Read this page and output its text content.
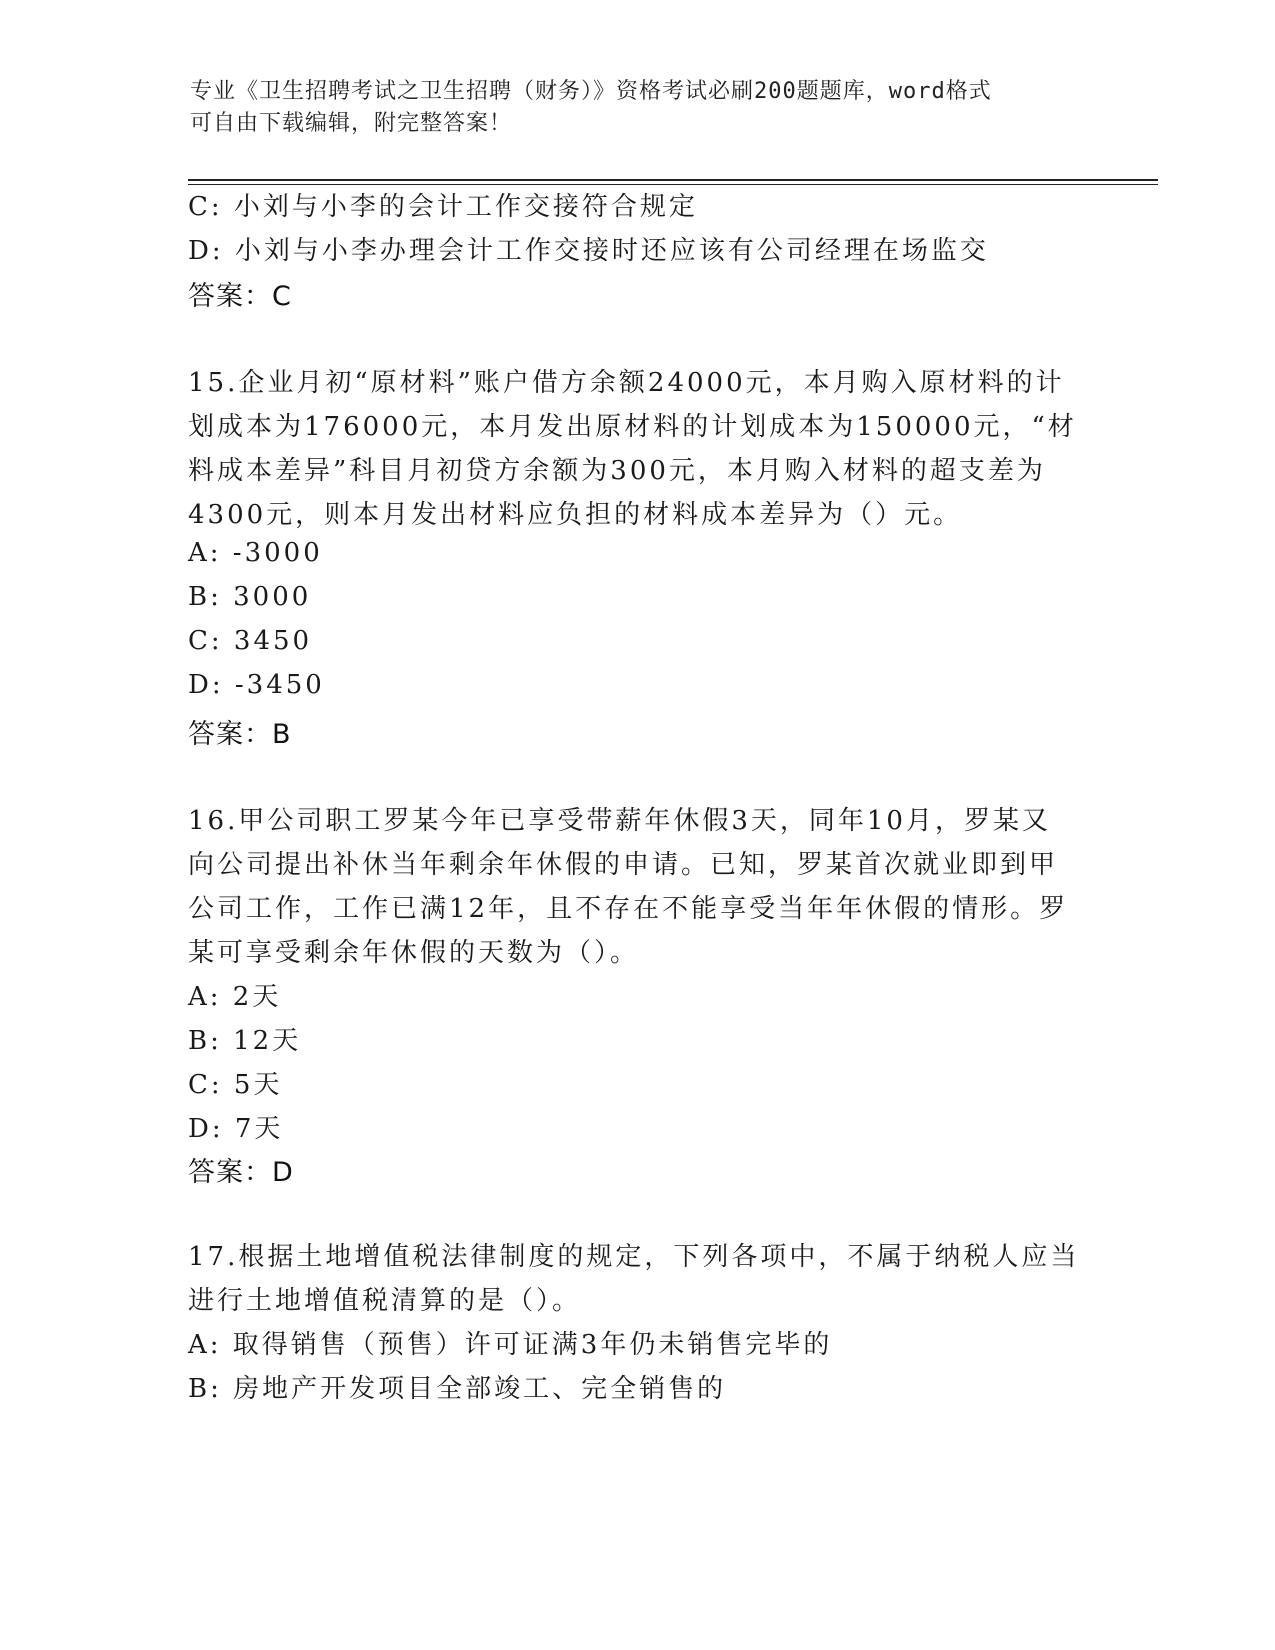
专业《卫生招聘考试之卫生招聘（财务）》资格考试必刷200题题库，word格式
可自由下载编辑，附完整答案！
C: 小刘与小李的会计工作交接符合规定
D: 小刘与小李办理会计工作交接时还应该有公司经理在场监交
答案：C
15.企业月初“原材料”账户借方余额24000元，本月购入原材料的计
划成本为176000元，本月发出原材料的计划成本为150000元，“材
料成本差异”科目月初贷方余额为300元，本月购入材料的超支差为
4300元，则本月发出材料应负担的材料成本差异为（）元。
A: -3000
B: 3000
C: 3450
D: -3450
答案：B
16.甲公司职工罗某今年已享受带薪年休假3天，同年10月，罗某又
向公司提出补休当年剩余年休假的申请。已知，罗某首次就业即到甲
公司工作，工作已满12年，且不存在不能享受当年年休假的情形。罗
某可享受剩余年休假的天数为（）。
A: 2天
B: 12天
C: 5天
D: 7天
答案：D
17.根据土地增值税法律制度的规定，下列各项中，不属于纳税人应当
进行土地增值税清算的是（）。
A: 取得销售（预售）许可证满3年仍未销售完毕的
B: 房地产开发项目全部竣工、完全销售的
